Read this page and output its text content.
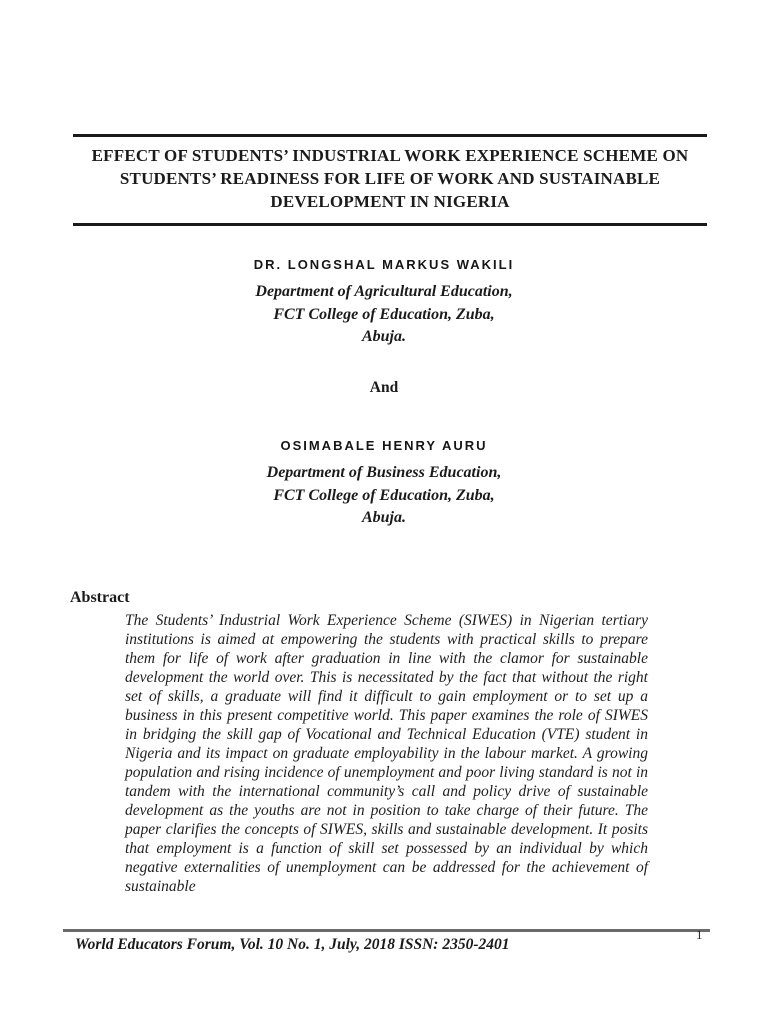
EFFECT OF STUDENTS’ INDUSTRIAL WORK EXPERIENCE SCHEME ON STUDENTS’ READINESS FOR LIFE OF WORK AND SUSTAINABLE DEVELOPMENT IN NIGERIA
DR. LONGSHAL MARKUS WAKILI
Department of Agricultural Education,
FCT College of Education, Zuba,
Abuja.
And
OSIMABALE HENRY AURU
Department of Business Education,
FCT College of Education, Zuba,
Abuja.
Abstract

The Students’ Industrial Work Experience Scheme (SIWES) in Nigerian tertiary institutions is aimed at empowering the students with practical skills to prepare them for life of work after graduation in line with the clamor for sustainable development the world over. This is necessitated by the fact that without the right set of skills, a graduate will find it difficult to gain employment or to set up a business in this present competitive world. This paper examines the role of SIWES in bridging the skill gap of Vocational and Technical Education (VTE) student in Nigeria and its impact on graduate employability in the labour market. A growing population and rising incidence of unemployment and poor living standard is not in tandem with the international community’s call and policy drive of sustainable development as the youths are not in position to take charge of their future. The paper clarifies the concepts of SIWES, skills and sustainable development. It posits that employment is a function of skill set possessed by an individual by which negative externalities of unemployment can be addressed for the achievement of sustainable

World Educators Forum, Vol. 10 No. 1, July, 2018 ISSN: 2350-2401
1
